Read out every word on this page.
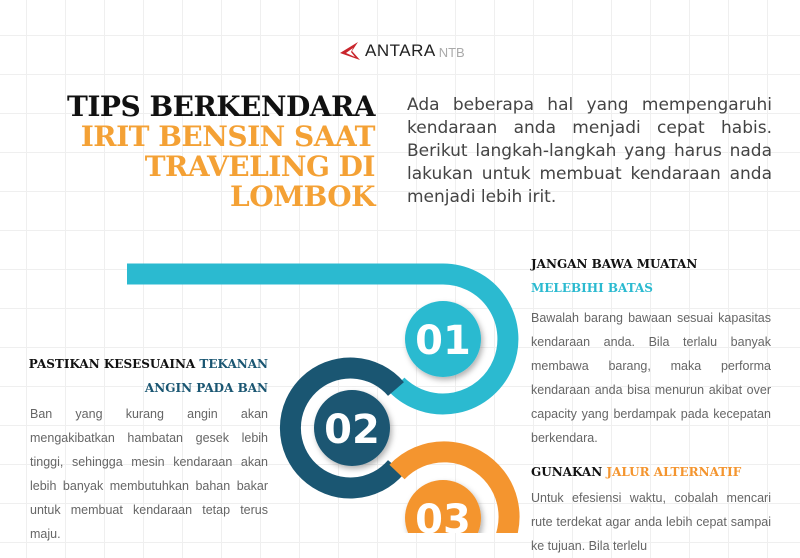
ANTARA NTB
TIPS BERKENDARA
IRIT BENSIN SAAT
TRAVELING DI
LOMBOK
Ada beberapa hal yang mempengaruhi kendaraan anda menjadi cepat habis. Berikut langkah-langkah yang harus nada lakukan untuk membuat kendaraan anda menjadi lebih irit.
01
02
03
JANGAN BAWA MUATAN
MELEBIHI BATAS
Bawalah barang bawaan sesuai kapasitas kendaraan anda. Bila terlalu banyak membawa barang, maka performa kendaraan anda bisa menurun akibat over capacity yang berdampak pada kecepatan berkendara.
GUNAKAN JALUR ALTERNATIF
Untuk efesiensi waktu, cobalah mencari rute terdekat agar anda lebih cepat sampai ke tujuan. Bila terlelu
PASTIKAN KESESUAINA TEKANAN ANGIN PADA BAN
Ban yang kurang angin akan mengakibatkan hambatan gesek lebih tinggi, sehingga mesin kendaraan akan lebih banyak membutuhkan bahan bakar untuk membuat kendaraan tetap terus maju.
